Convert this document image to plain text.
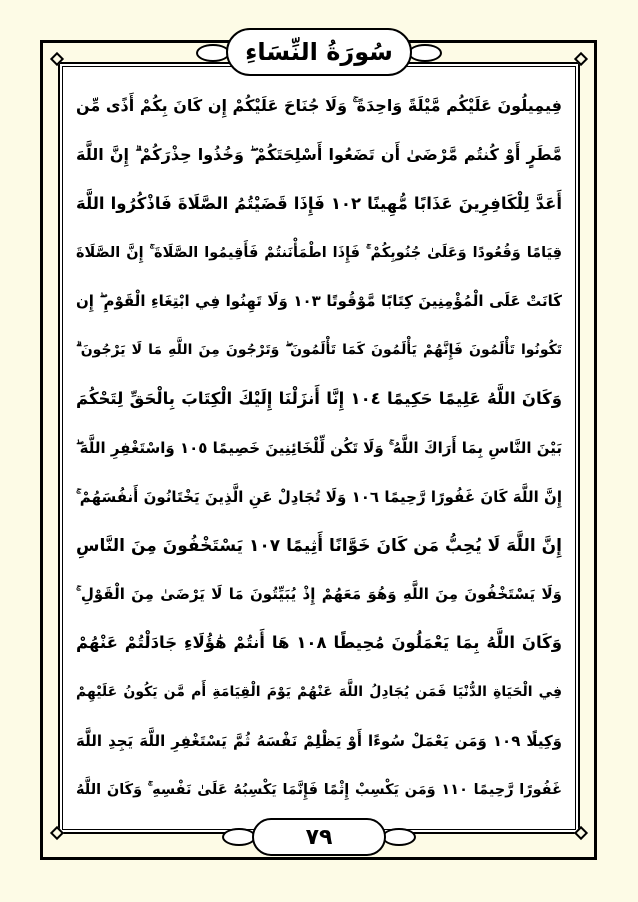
سُورَةُ النِّسَاءِ
فِيمِيلُونَ عَلَيْكُم مَّيْلَةً وَاحِدَةً ۚ وَلَا جُنَاحَ عَلَيْكُمْ إِن كَانَ بِكُمْ أَذًى مِّن
مَّطَرٍ أَوْ كُنتُم مَّرْضَىٰ أَن تَضَعُوا أَسْلِحَتَكُمْ ۖ وَخُذُوا حِذْرَكُمْ ۗ إِنَّ اللَّهَ
أَعَدَّ لِلْكَافِرِينَ عَذَابًا مُّهِينًا ١٠٢ فَإِذَا قَضَيْتُمُ الصَّلَاةَ فَاذْكُرُوا اللَّهَ
قِيَامًا وَقُعُودًا وَعَلَىٰ جُنُوبِكُمْ ۚ فَإِذَا اطْمَأْنَنتُمْ فَأَقِيمُوا الصَّلَاةَ ۚ إِنَّ الصَّلَاةَ
كَانَتْ عَلَى الْمُؤْمِنِينَ كِتَابًا مَّوْقُوتًا ١٠٣ وَلَا تَهِنُوا فِي ابْتِغَاءِ الْقَوْمِ ۖ إِن
تَكُونُوا تَأْلَمُونَ فَإِنَّهُمْ يَأْلَمُونَ كَمَا تَأْلَمُونَ ۖ وَتَرْجُونَ مِنَ اللَّهِ مَا لَا يَرْجُونَ ۗ
وَكَانَ اللَّهُ عَلِيمًا حَكِيمًا ١٠٤ إِنَّا أَنزَلْنَا إِلَيْكَ الْكِتَابَ بِالْحَقِّ لِتَحْكُمَ
بَيْنَ النَّاسِ بِمَا أَرَاكَ اللَّهُ ۚ وَلَا تَكُن لِّلْخَائِنِينَ خَصِيمًا ١٠٥ وَاسْتَغْفِرِ اللَّهَ ۖ
إِنَّ اللَّهَ كَانَ غَفُورًا رَّحِيمًا ١٠٦ وَلَا تُجَادِلْ عَنِ الَّذِينَ يَخْتَانُونَ أَنفُسَهُمْ ۚ
إِنَّ اللَّهَ لَا يُحِبُّ مَن كَانَ خَوَّانًا أَثِيمًا ١٠٧ يَسْتَخْفُونَ مِنَ النَّاسِ
وَلَا يَسْتَخْفُونَ مِنَ اللَّهِ وَهُوَ مَعَهُمْ إِذْ يُبَيِّتُونَ مَا لَا يَرْضَىٰ مِنَ الْقَوْلِ ۚ
وَكَانَ اللَّهُ بِمَا يَعْمَلُونَ مُحِيطًا ١٠٨ هَا أَنتُمْ هَٰؤُلَاءِ جَادَلْتُمْ عَنْهُمْ
فِي الْحَيَاةِ الدُّنْيَا فَمَن يُجَادِلُ اللَّهَ عَنْهُمْ يَوْمَ الْقِيَامَةِ أَم مَّن يَكُونُ عَلَيْهِمْ
وَكِيلًا ١٠٩ وَمَن يَعْمَلْ سُوءًا أَوْ يَظْلِمْ نَفْسَهُ ثُمَّ يَسْتَغْفِرِ اللَّهَ يَجِدِ اللَّهَ
غَفُورًا رَّحِيمًا ١١٠ وَمَن يَكْسِبْ إِثْمًا فَإِنَّمَا يَكْسِبُهُ عَلَىٰ نَفْسِهِ ۚ وَكَانَ اللَّهُ
٧٩
